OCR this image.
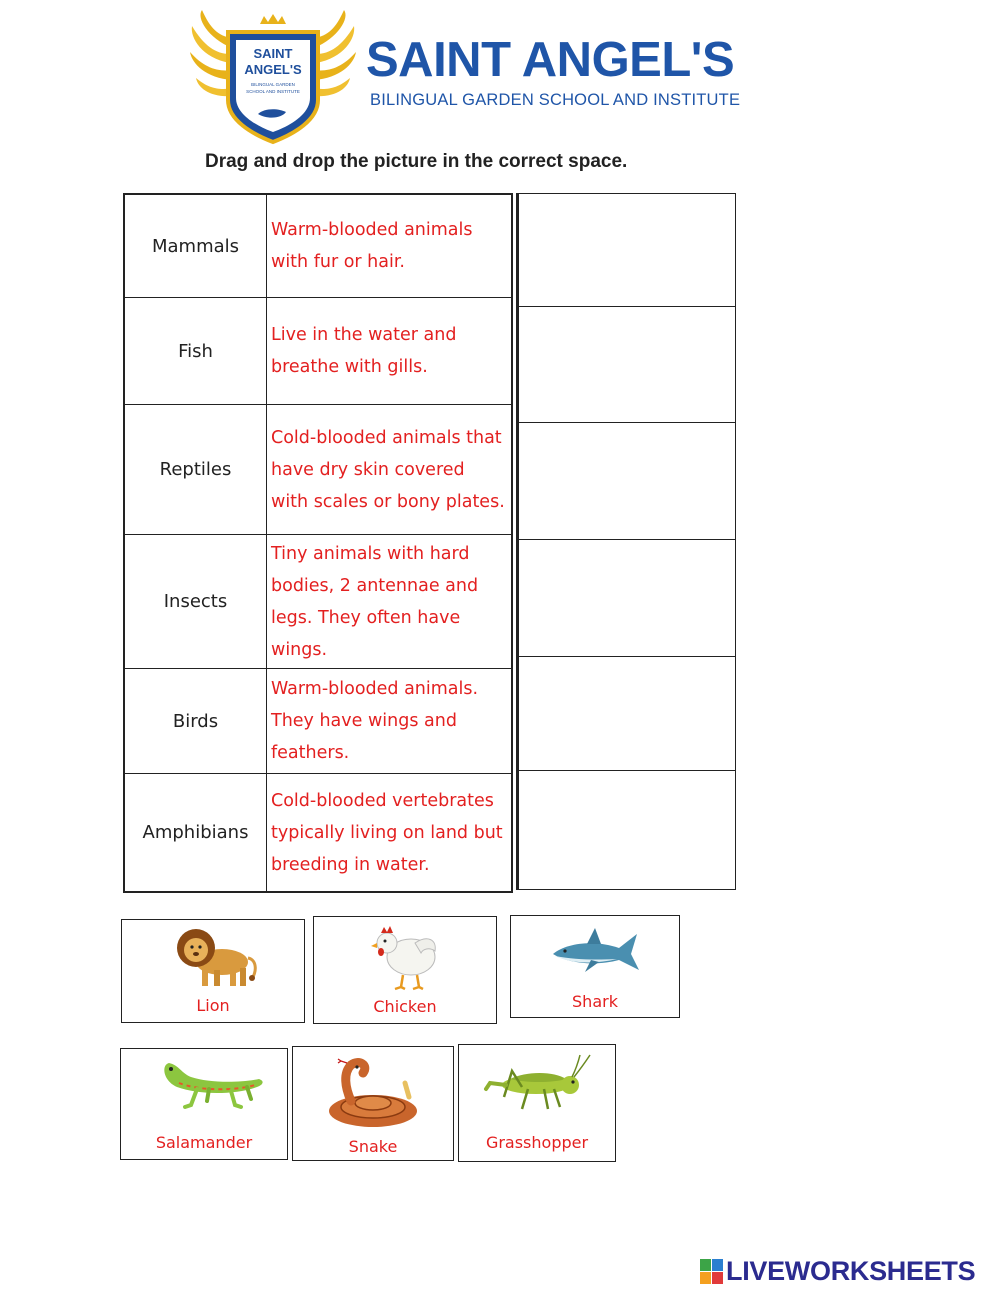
SAINT
ANGEL'S
BILINGUAL GARDEN
SCHOOL AND INSTITUTE
SAINT ANGEL'S
BILINGUAL GARDEN SCHOOL AND INSTITUTE
Drag and drop the picture in the correct space.
Mammals
Warm-blooded animals with fur or hair.
Fish
Live in the water and breathe with gills.
Reptiles
Cold-blooded animals that have dry skin covered with scales or bony plates.
Insects
Tiny animals with hard bodies, 2 antennae and legs. They often have wings.
Birds
Warm-blooded animals. They have wings and feathers.
Amphibians
Cold-blooded vertebrates typically living on land but breeding in water.
Lion	Chicken	Shark
Salamander	Snake	Grasshopper
LIVEWORKSHEETS
